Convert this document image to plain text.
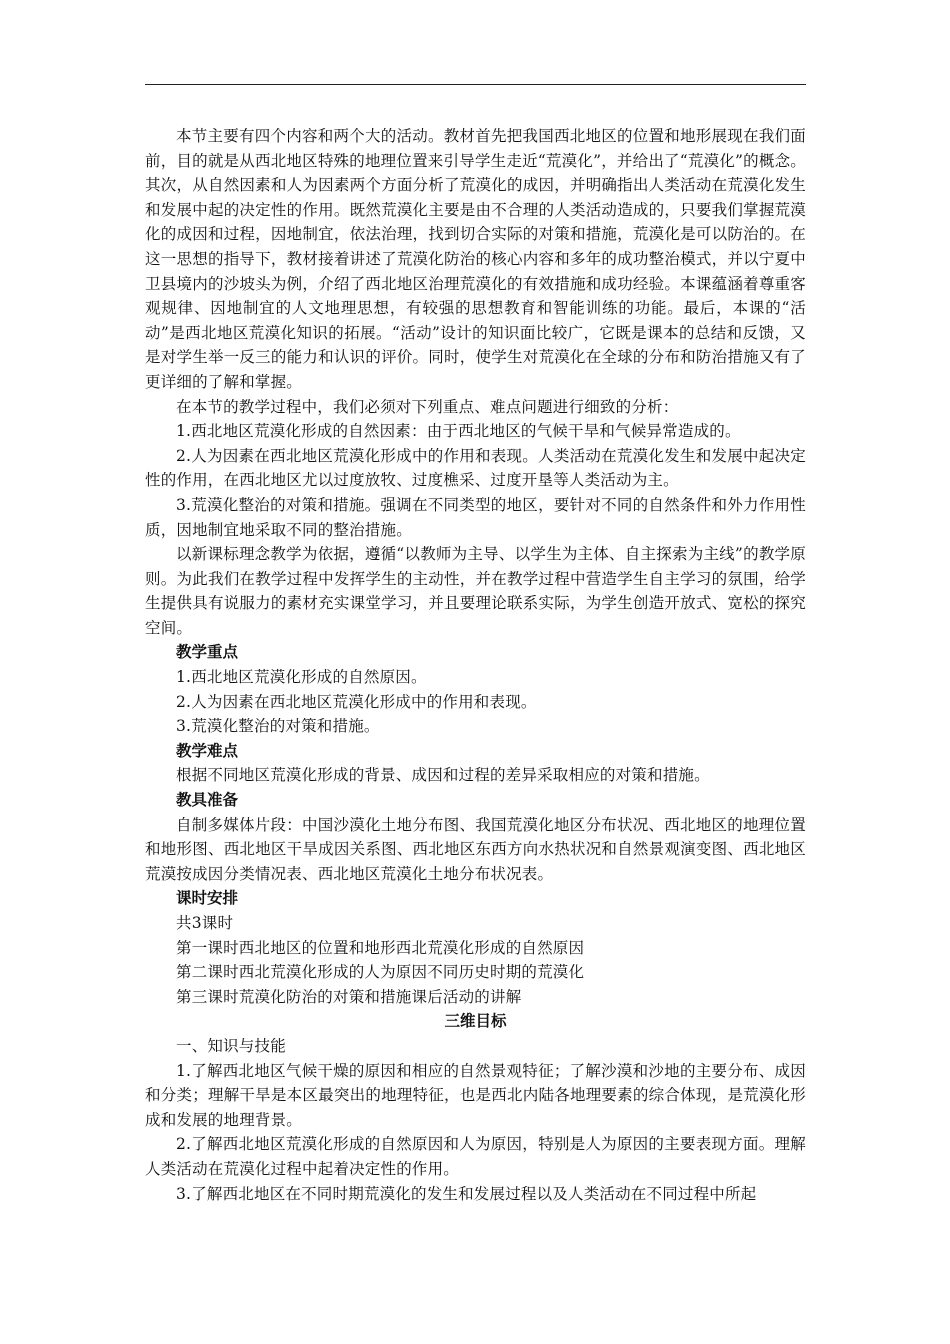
本节主要有四个内容和两个大的活动。教材首先把我国西北地区的位置和地形展现在我们面前，目的就是从西北地区特殊的地理位置来引导学生走近“荒漠化”，并给出了“荒漠化”的概念。其次，从自然因素和人为因素两个方面分析了荒漠化的成因，并明确指出人类活动在荒漠化发生和发展中起的决定性的作用。既然荒漠化主要是由不合理的人类活动造成的，只要我们掌握荒漠化的成因和过程，因地制宜，依法治理，找到切合实际的对策和措施，荒漠化是可以防治的。在这一思想的指导下，教材接着讲述了荒漠化防治的核心内容和多年的成功整治模式，并以宁夏中卫县境内的沙坡头为例，介绍了西北地区治理荒漠化的有效措施和成功经验。本课蕴涵着尊重客观规律、因地制宜的人文地理思想，有较强的思想教育和智能训练的功能。最后，本课的“活动”是西北地区荒漠化知识的拓展。“活动”设计的知识面比较广，它既是课本的总结和反馈，又是对学生举一反三的能力和认识的评价。同时，使学生对荒漠化在全球的分布和防治措施又有了更详细的了解和掌握。

在本节的教学过程中，我们必须对下列重点、难点问题进行细致的分析：

1.西北地区荒漠化形成的自然因素：由于西北地区的气候干旱和气候异常造成的。

2.人为因素在西北地区荒漠化形成中的作用和表现。人类活动在荒漠化发生和发展中起决定性的作用，在西北地区尤以过度放牧、过度樵采、过度开垦等人类活动为主。

3.荒漠化整治的对策和措施。强调在不同类型的地区，要针对不同的自然条件和外力作用性质，因地制宜地采取不同的整治措施。

以新课标理念教学为依据，遵循“以教师为主导、以学生为主体、自主探索为主线”的教学原则。为此我们在教学过程中发挥学生的主动性，并在教学过程中营造学生自主学习的氛围，给学生提供具有说服力的素材充实课堂学习，并且要理论联系实际，为学生创造开放式、宽松的探究空间。

教学重点

1.西北地区荒漠化形成的自然原因。

2.人为因素在西北地区荒漠化形成中的作用和表现。

3.荒漠化整治的对策和措施。

教学难点

根据不同地区荒漠化形成的背景、成因和过程的差异采取相应的对策和措施。

教具准备

自制多媒体片段：中国沙漠化土地分布图、我国荒漠化地区分布状况、西北地区的地理位置和地形图、西北地区干旱成因关系图、西北地区东西方向水热状况和自然景观演变图、西北地区荒漠按成因分类情况表、西北地区荒漠化土地分布状况表。

课时安排

共3课时

第一课时西北地区的位置和地形西北荒漠化形成的自然原因

第二课时西北荒漠化形成的人为原因不同历史时期的荒漠化

第三课时荒漠化防治的对策和措施课后活动的讲解

三维目标

一、知识与技能

1.了解西北地区气候干燥的原因和相应的自然景观特征；了解沙漠和沙地的主要分布、成因和分类；理解干旱是本区最突出的地理特征，也是西北内陆各地理要素的综合体现，是荒漠化形成和发展的地理背景。

2.了解西北地区荒漠化形成的自然原因和人为原因，特别是人为原因的主要表现方面。理解人类活动在荒漠化过程中起着决定性的作用。

3.了解西北地区在不同时期荒漠化的发生和发展过程以及人类活动在不同过程中所起
